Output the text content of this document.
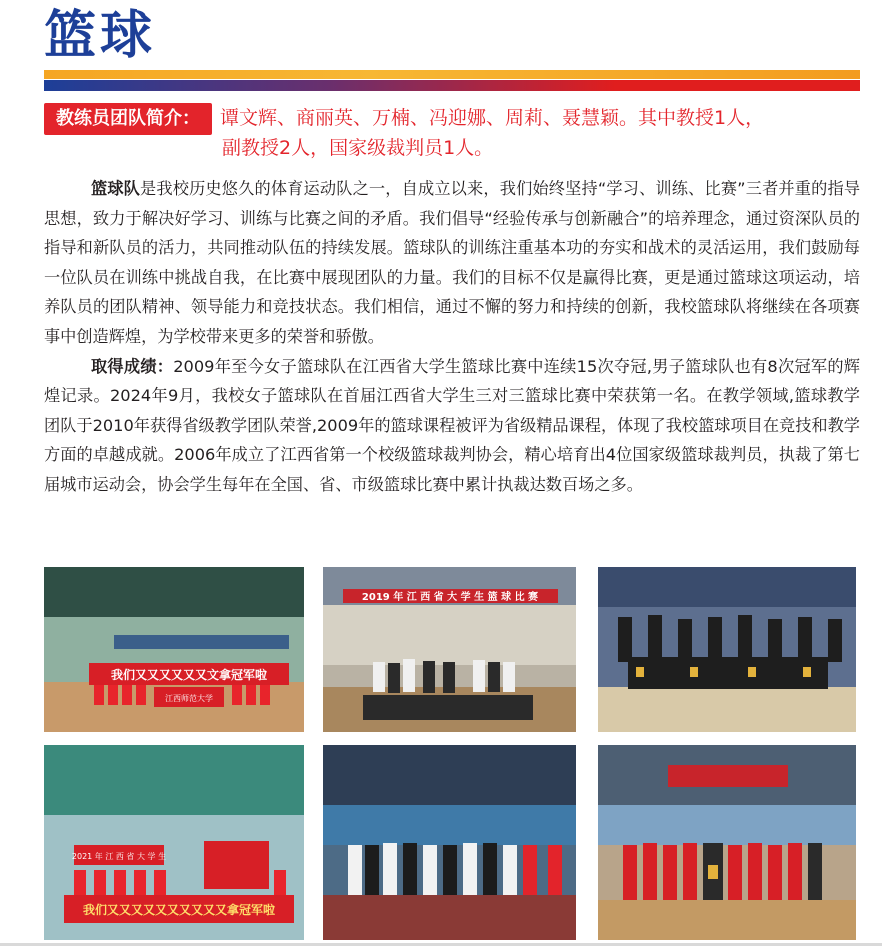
篮球
教练员团队简介：	谭文辉、商丽英、万楠、冯迎娜、周莉、聂慧颖。其中教授1人，
副教授2人，国家级裁判员1人。

篮球队是我校历史悠久的体育运动队之一，自成立以来，我们始终坚持“学习、训练、比赛”三者并重的指导思想，致力于解决好学习、训练与比赛之间的矛盾。我们倡导“经验传承与创新融合”的培养理念，通过资深队员的指导和新队员的活力，共同推动队伍的持续发展。篮球队的训练注重基本功的夯实和战术的灵活运用，我们鼓励每一位队员在训练中挑战自我，在比赛中展现团队的力量。我们的目标不仅是赢得比赛，更是通过篮球这项运动，培养队员的团队精神、领导能力和竞技状态。我们相信，通过不懈的努力和持续的创新，我校篮球队将继续在各项赛事中创造辉煌，为学校带来更多的荣誉和骄傲。

取得成绩：2009年至今女子篮球队在江西省大学生篮球比赛中连续15次夺冠,男子篮球队也有8次冠军的辉煌记录。2024年9月，我校女子篮球队在首届江西省大学生三对三篮球比赛中荣获第一名。在教学领域,篮球教学团队于2010年获得省级教学团队荣誉,2009年的篮球课程被评为省级精品课程，体现了我校篮球项目在竞技和教学方面的卓越成就。2006年成立了江西省第一个校级篮球裁判协会，精心培育出4位国家级篮球裁判员，执裁了第七届城市运动会，协会学生每年在全国、省、市级篮球比赛中累计执裁达数百场之多。

我们又又又又又又文拿冠军啦
江西师范大学
2019 年 江 西 省 大 学 生 篮 球 比 赛
2021 年 江 西 省 大 学 生
我们又又又又又又又又又又拿冠军啦
